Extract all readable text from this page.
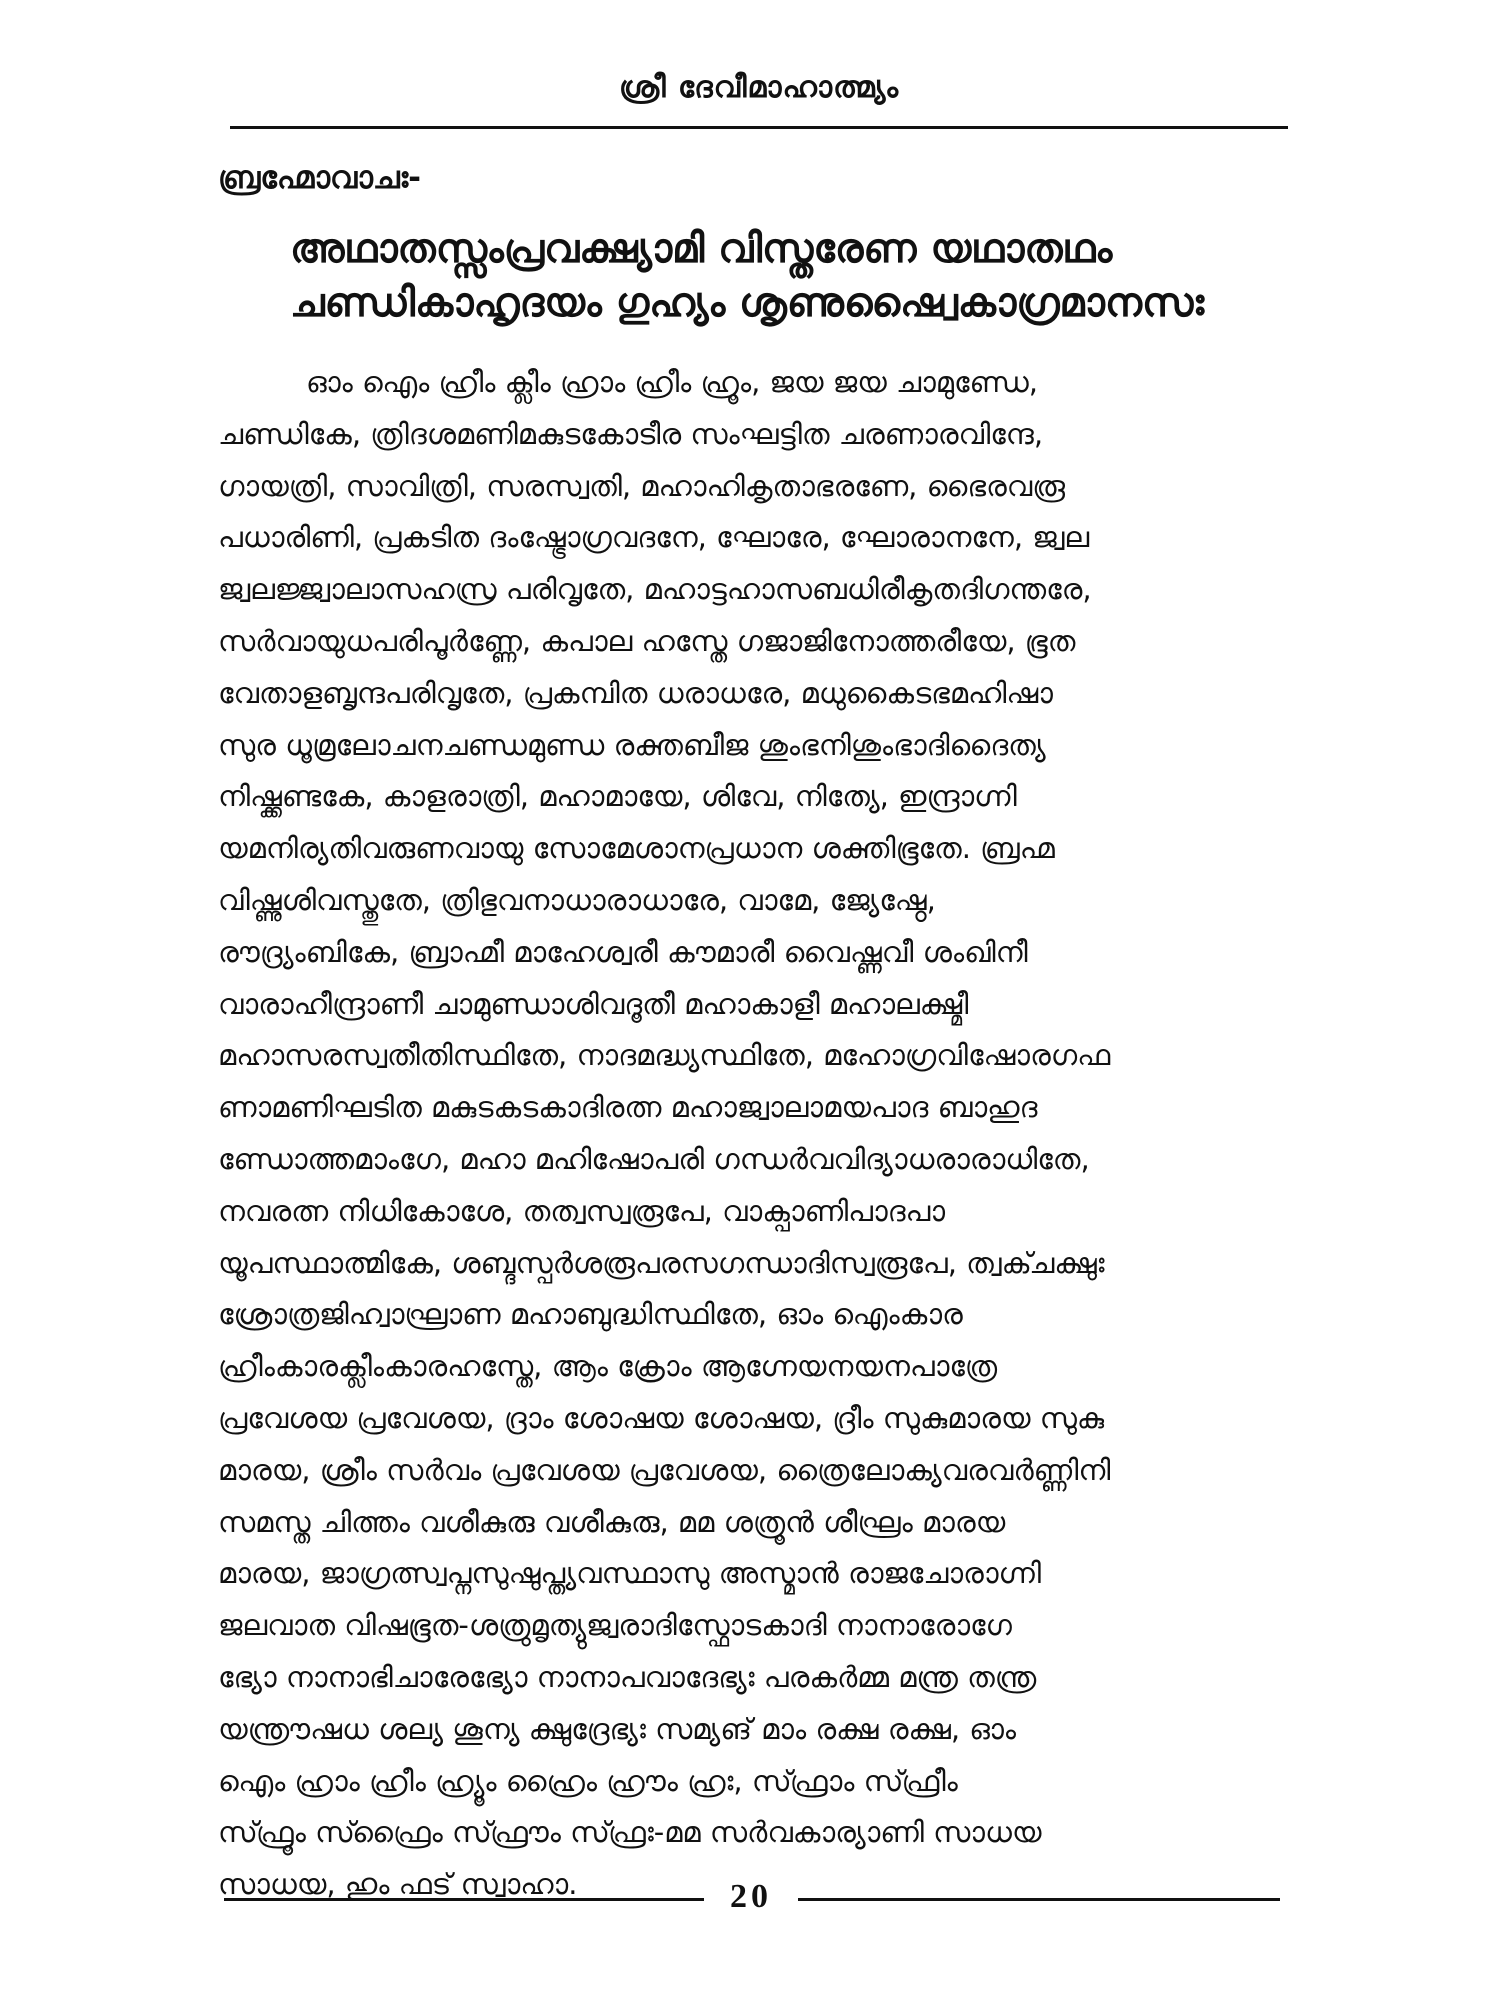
ശ്രീ ദേവീമാഹാത്മ്യം
ബ്രഹ്മോവാചഃ-
അഥാതസ്സംപ്രവക്ഷ്യാമി വിസ്തരേണ യഥാതഥം
ചണ്ഡികാഹൃദയം ഗുഹ്യം ശൃണുഷ്വൈകാഗ്രമാനസഃ
ഓം ഐം ഹ്രീം ക്ലീം ഹ്രാം ഹ്രീം ഹ്രൂം, ജയ ജയ ചാമുണ്ഡേ,
ചണ്ഡികേ, ത്രിദശമണിമകുടകോടീര സംഘട്ടിത ചരണാരവിന്ദേ,
ഗായത്രി, സാവിത്രി, സരസ്വതി, മഹാഹികൃതാഭരണേ, ഭൈരവരൂ
പധാരിണി, പ്രകടിത ദംഷ്ട്രോഗ്രവദനേ, ഘോരേ, ഘോരാനനേ, ജ്വല
ജ്വലജ്ജ്വാലാസഹസ്ര പരിവൃതേ, മഹാട്ടഹാസബധിരീകൃതദിഗന്തരേ,
സർവായുധപരിപൂർണ്ണേ, കപാല ഹസ്തേ ഗജാജിനോത്തരീയേ, ഭൂത
വേതാളബൃന്ദപരിവൃതേ, പ്രകമ്പിത ധരാധരേ, മധുകൈടഭമഹിഷാ
സുര ധൂമ്രലോചനചണ്ഡമുണ്ഡ രക്തബീജ ശുംഭനിശുംഭാദിദൈത്യ
നിഷ്ക്കണ്ടകേ, കാളരാത്രി, മഹാമായേ, ശിവേ, നിത്യേ, ഇന്ദ്രാഗ്നി
യമനിര്യതിവരുണവായു സോമേശാനപ്രധാന ശക്തിഭൂതേ. ബ്രഹ്മ
വിഷ്ണുശിവസ്തുതേ, ത്രിഭുവനാധാരാധാരേ, വാമേ, ജ്യേഷ്ഠേ,
രൗദ്ര്യംബികേ, ബ്രാഹ്മീ മാഹേശ്വരീ കൗമാരീ വൈഷ്ണവീ ശംഖിനീ
വാരാഹീന്ദ്രാണീ ചാമുണ്ഡാശിവദൂതീ മഹാകാളീ മഹാലക്ഷ്മീ
മഹാസരസ്വതീതിസ്ഥിതേ, നാദമദ്ധ്യസ്ഥിതേ, മഹോഗ്രവിഷോരഗഫ
ണാമണിഘടിത മകുടകടകാദിരത്ന മഹാജ്വാലാമയപാദ ബാഹുദ
ണ്ഡോത്തമാംഗേ, മഹാ മഹിഷോപരി ഗന്ധർവവിദ്യാധരാരാധിതേ,
നവരത്ന നിധികോശേ, തത്വസ്വരൂപേ, വാക്പാണിപാദപാ
യൂപസ്ഥാത്മികേ, ശബ്ദസ്പർശരൂപരസഗന്ധാദിസ്വരൂപേ, ത്വക്ചക്ഷുഃ
ശ്രോത്രജിഹ്വാഘ്രാണ മഹാബുദ്ധിസ്ഥിതേ, ഓം ഐംകാര
ഹ്രീംകാരക്ലീംകാരഹസ്തേ, ആം ക്രോം ആഗ്നേയനയനപാത്രേ
പ്രവേശയ പ്രവേശയ, ദ്രാം ശോഷയ ശോഷയ, ദ്രീം സുകുമാരയ സുകു
മാരയ, ശ്രീം സർവം പ്രവേശയ പ്രവേശയ, ത്രൈലോക്യവരവർണ്ണിനി
സമസ്ത ചിത്തം വശീകുരു വശീകുരു, മമ ശത്രൂൻ ശീഘ്രം മാരയ
മാരയ, ജാഗ്രത്സ്വപ്നസുഷുപ്ത്യവസ്ഥാസു അസ്മാൻ രാജചോരാഗ്നി
ജലവാത വിഷഭൂത-ശത്രുമൃത്യുജ്വരാദിസ്ഫോടകാദി നാനാരോഗേ
ഭ്യോ നാനാഭിചാരേഭ്യോ നാനാപവാദേഭ്യഃ പരകർമ്മ മന്ത്ര തന്ത്ര
യന്ത്രൗഷധ ശല്യ ശൂന്യ ക്ഷുദ്രേഭ്യഃ സമ്യങ് മാം രക്ഷ രക്ഷ, ഓം
ഐം ഹ്രാം ഹ്രീം ഹ്ര്യൂം ഹ്രൈം ഹ്രൗം ഹ്രഃ, സ്ഫ്രാം സ്ഫ്രീം
സ്ഫ്രൂം സ്ഫ്രൈം സ്ഫ്രൗം സ്ഫ്രഃ-മമ സർവകാര്യാണി സാധയ
സാധയ, ഹും ഫട് സ്വാഹാ.	20
